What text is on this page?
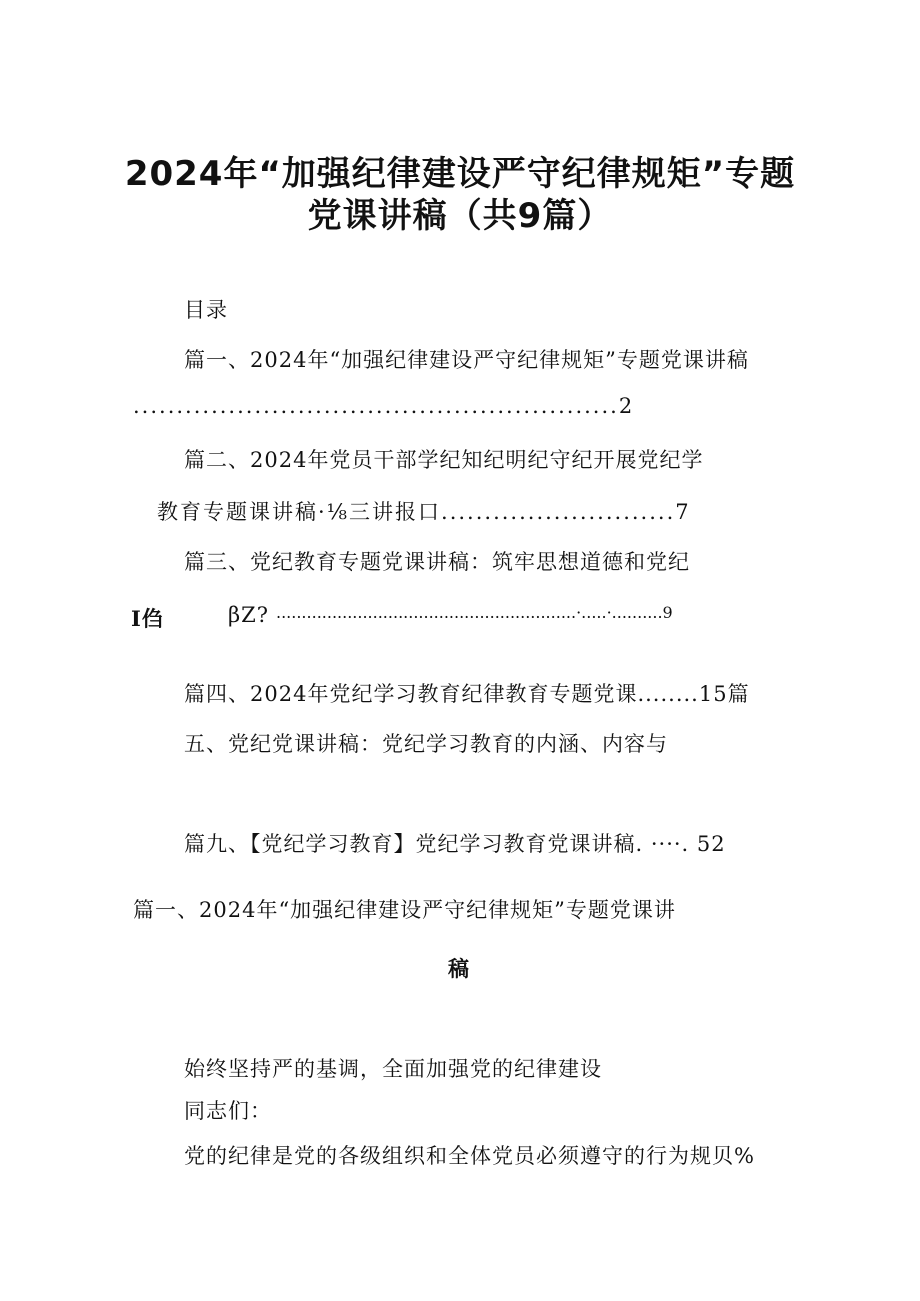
2024年“加强纪律建设严守纪律规矩”专题
党课讲稿（共9篇）

目录

篇一、2024年“加强纪律建设严守纪律规矩”专题党课讲稿

........................................................2

篇二、2024年党员干部学纪知纪明纪守纪开展党纪学

教育专题课讲稿·⅛三讲报口...........................7

篇三、党纪教育专题党课讲稿：筑牢思想道德和党纪

I㑇	βZ? ...........................................................·.....·..........9

篇四、2024年党纪学习教育纪律教育专题党课........15篇

五、党纪党课讲稿：党纪学习教育的内涵、内容与

篇九、【党纪学习教育】党纪学习教育党课讲稿. ····. 52

篇一、2024年“加强纪律建设严守纪律规矩”专题党课讲

稿

始终坚持严的基调，全面加强党的纪律建设

同志们：

党的纪律是党的各级组织和全体党员必须遵守的行为规贝%
